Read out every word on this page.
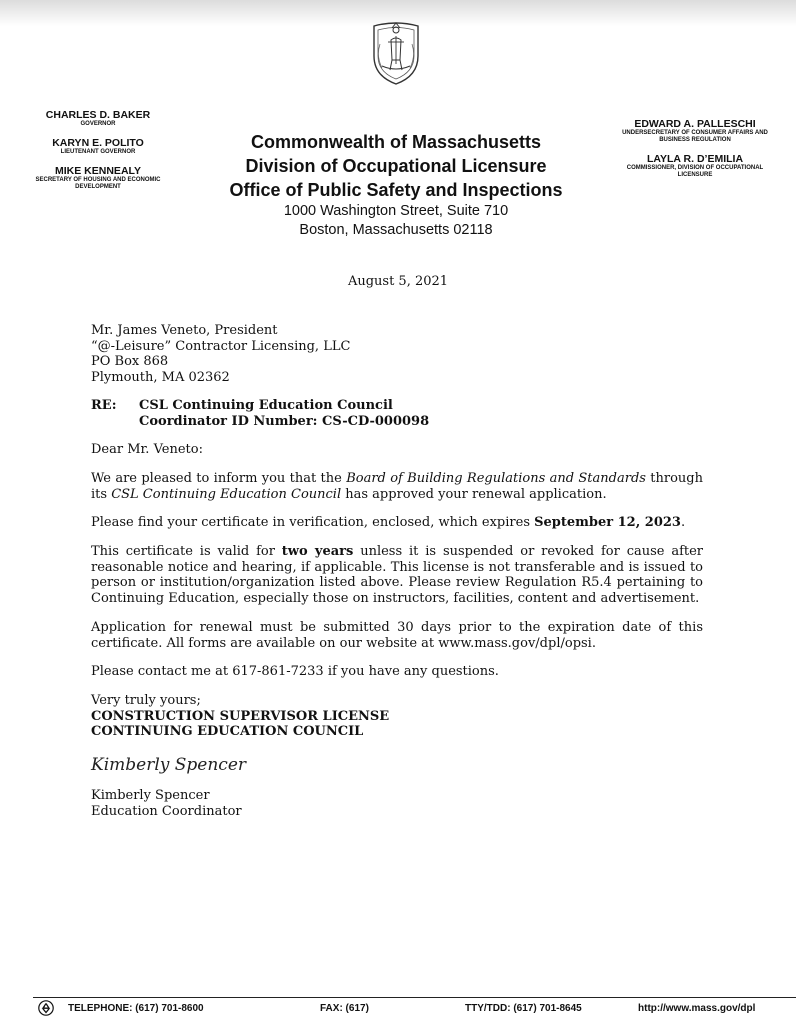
CHARLES D. BAKER
GOVERNOR
KARYN E. POLITO
LIEUTENANT GOVERNOR
MIKE KENNEALY
SECRETARY OF HOUSING AND ECONOMIC DEVELOPMENT
Commonwealth of Massachusetts
Division of Occupational Licensure
Office of Public Safety and Inspections
1000 Washington Street, Suite 710
Boston, Massachusetts 02118
EDWARD A. PALLESCHI
UNDERSECRETARY OF CONSUMER AFFAIRS AND BUSINESS REGULATION
LAYLA R. D’EMILIA
COMMISSIONER, DIVISION OF OCCUPATIONAL LICENSURE
August 5, 2021
Mr. James Veneto, President
“@-Leisure” Contractor Licensing, LLC
PO Box 868
Plymouth, MA 02362
RE:	CSL Continuing Education Council
Coordinator ID Number: CS-CD-000098
Dear Mr. Veneto:
We are pleased to inform you that the Board of Building Regulations and Standards through its CSL Continuing Education Council has approved your renewal application.
Please find your certificate in verification, enclosed, which expires September 12, 2023.
This certificate is valid for two years unless it is suspended or revoked for cause after reasonable notice and hearing, if applicable. This license is not transferable and is issued to person or institution/organization listed above. Please review Regulation R5.4 pertaining to Continuing Education, especially those on instructors, facilities, content and advertisement.
Application for renewal must be submitted 30 days prior to the expiration date of this certificate. All forms are available on our website at www.mass.gov/dpl/opsi.
Please contact me at 617-861-7233 if you have any questions.
Very truly yours;
CONSTRUCTION SUPERVISOR LICENSE
CONTINUING EDUCATION COUNCIL
Kimberly Spencer
Kimberly Spencer
Education Coordinator
TELEPHONE: (617) 701-8600	FAX: (617)	TTY/TDD: (617) 701-8645	http://www.mass.gov/dpl
